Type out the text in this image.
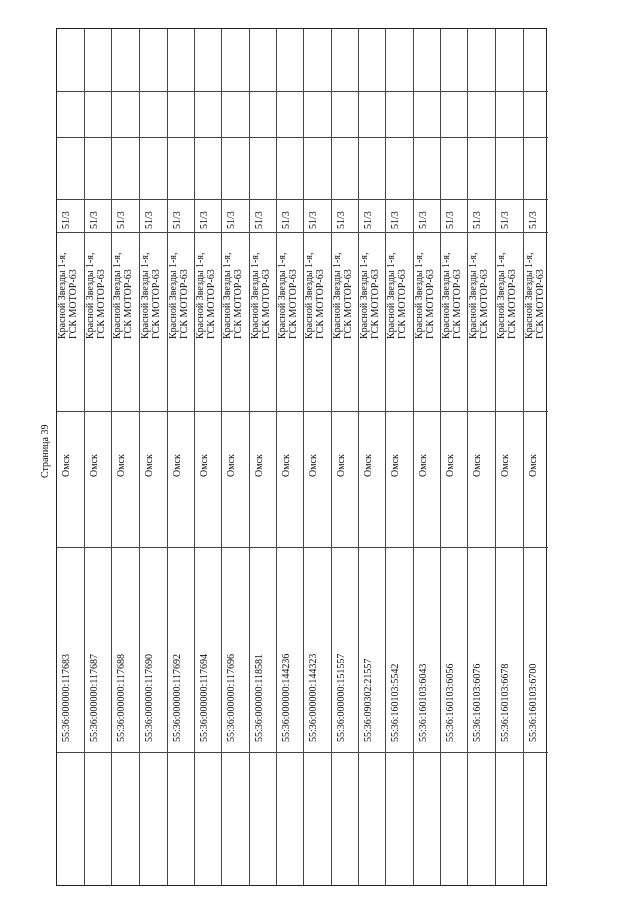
Страница 39
55:36:000000:117683
Омск
Красной Звезды 1-я, ГСК МОТОР-63
51/3
55:36:000000:117687
Омск
Красной Звезды 1-я, ГСК МОТОР-63
51/3
55:36:000000:117688
Омск
Красной Звезды 1-я, ГСК МОТОР-63
51/3
55:36:000000:117690
Омск
Красной Звезды 1-я, ГСК МОТОР-63
51/3
55:36:000000:117692
Омск
Красной Звезды 1-я, ГСК МОТОР-63
51/3
55:36:000000:117694
Омск
Красной Звезды 1-я, ГСК МОТОР-63
51/3
55:36:000000:117696
Омск
Красной Звезды 1-я, ГСК МОТОР-63
51/3
55:36:000000:118581
Омск
Красной Звезды 1-я, ГСК МОТОР-63
51/3
55:36:000000:144236
Омск
Красной Звезды 1-я, ГСК МОТОР-63
51/3
55:36:000000:144323
Омск
Красной Звезды 1-я, ГСК МОТОР-63
51/3
55:36:000000:151557
Омск
Красной Звезды 1-я, ГСК МОТОР-63
51/3
55:36:090302:21557
Омск
Красной Звезды 1-я, ГСК МОТОР-63
51/3
55:36:160103:5542
Омск
Красной Звезды 1-я, ГСК МОТОР-63
51/3
55:36:160103:6043
Омск
Красной Звезды 1-я, ГСК МОТОР-63
51/3
55:36:160103:6056
Омск
Красной Звезды 1-я, ГСК МОТОР-63
51/3
55:36:160103:6076
Омск
Красной Звезды 1-я, ГСК МОТОР-63
51/3
55:36:160103:6678
Омск
Красной Звезды 1-я, ГСК МОТОР-63
51/3
55:36:160103:6700
Омск
Красной Звезды 1-я, ГСК МОТОР-63
51/3
